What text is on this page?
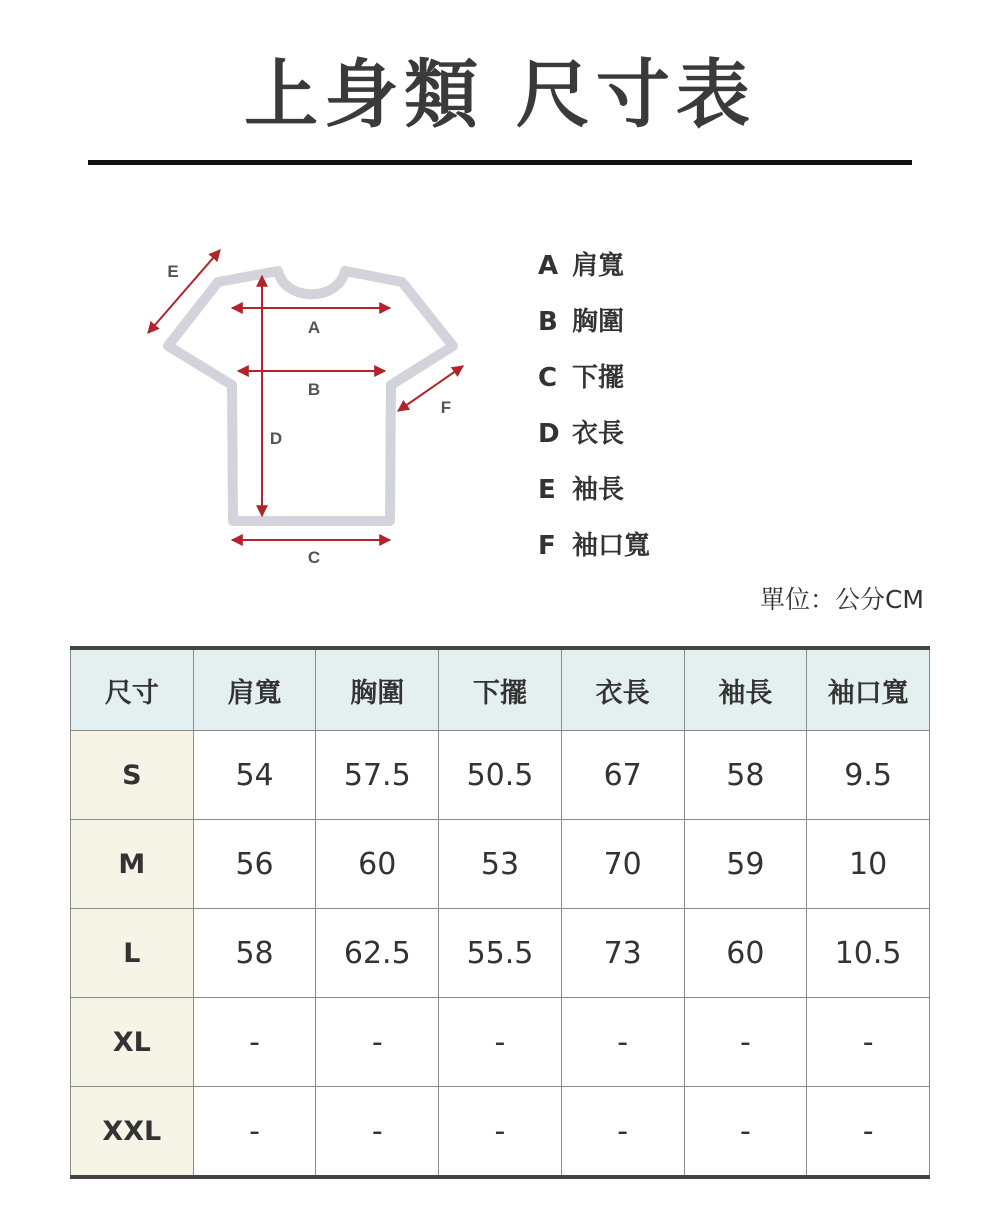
上身類 尺寸表
E
A
B
D
F
C
A 肩寬
B 胸圍
C 下擺
D 衣長
E 袖長
F 袖口寬
單位：公分CM
尺寸	肩寬	胸圍	下擺	衣長	袖長	袖口寬
S	54	57.5	50.5	67	58	9.5
M	56	60	53	70	59	10
L	58	62.5	55.5	73	60	10.5
XL	-	-	-	-	-	-
XXL	-	-	-	-	-	-
